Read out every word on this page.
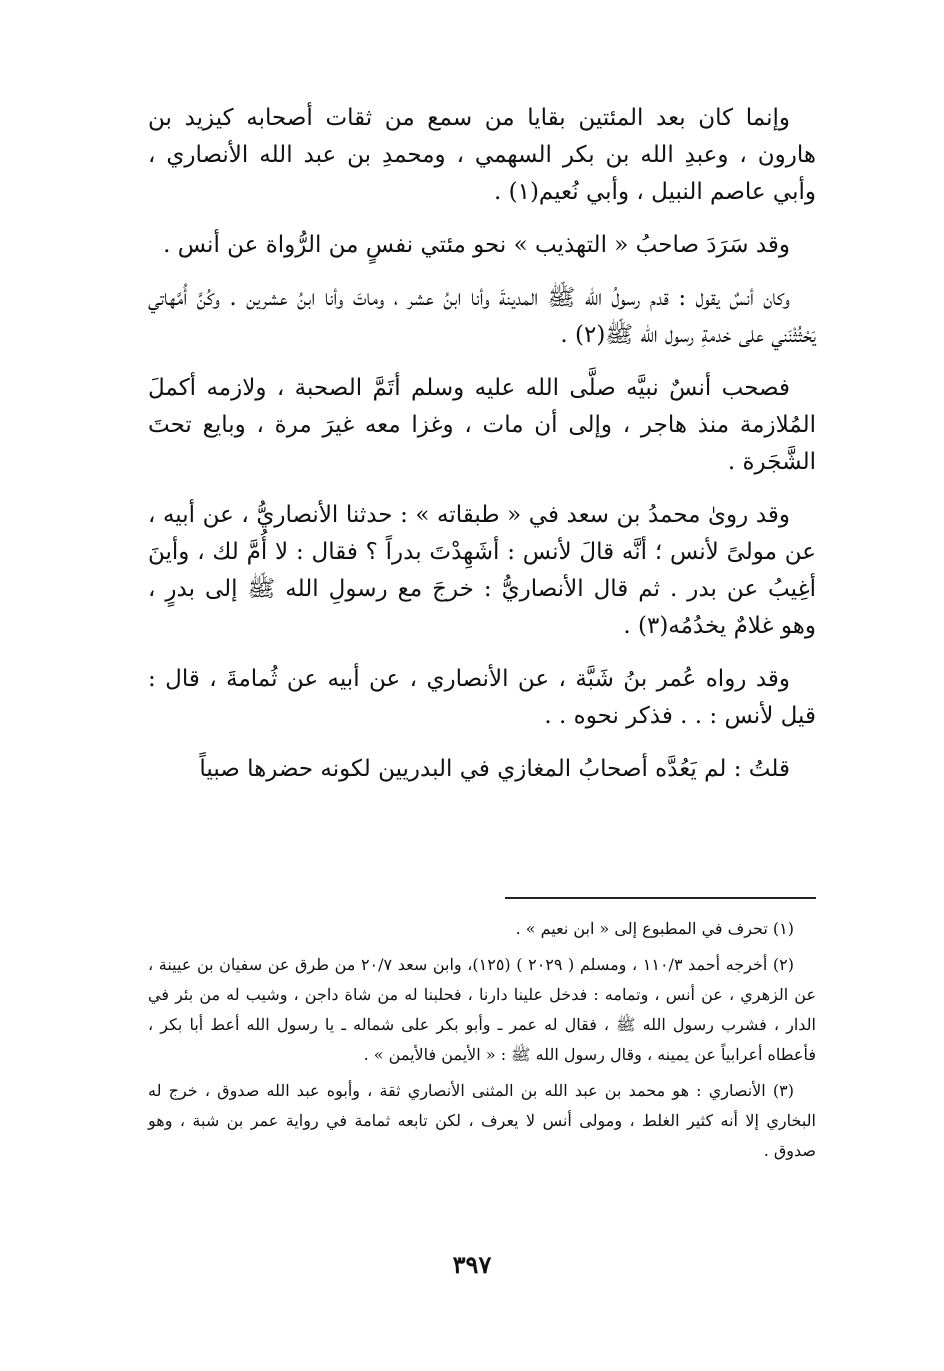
وإنما كان بعد المئتين بقايا من سمع من ثقات أصحابه كيزيد بن هارون ، وعبدِ الله بن بكر السهمي ، ومحمدِ بن عبد الله الأنصاري ، وأبي عاصم النبيل ، وأبي نُعيم(١) .

وقد سَرَدَ صاحبُ « التهذيب » نحو مئتي نفسٍ من الرُّواة عن أنس .

وكان أنسٌ يقول : قدم رسولُ الله ﷺ المدينةَ وأنا ابنُ عشر ، وماتَ وأنا ابنُ عشرين . وكُنَّ أُمَّهاتي يَحْثُثْنَني على خدمةِ رسول الله ﷺ(٢) .

فصحب أنسٌ نبيَّه صلَّى الله عليه وسلم أتَمَّ الصحبة ، ولازمه أكملَ المُلازمة منذ هاجر ، وإلى أن مات ، وغزا معه غيرَ مرة ، وبايع تحتَ الشَّجَرة .

وقد روىٰ محمدُ بن سعد في « طبقاته » : حدثنا الأنصاريُّ ، عن أبيه ، عن مولىً لأنس ؛ أنَّه قالَ لأنس : أشَهِدْتَ بدراً ؟ فقال : لا أُمَّ لك ، وأينَ أغِيبُ عن بدر . ثم قال الأنصاريُّ : خرجَ مع رسولِ الله ﷺ إلى بدرٍ ، وهو غلامٌ يخدُمُه(٣) .

وقد رواه عُمر بنُ شَبَّة ، عن الأنصاري ، عن أبيه عن ثُمامةَ ، قال : قيل لأنس : . . فذكر نحوه . .

قلتُ : لم يَعُدَّه أصحابُ المغازي في البدريين لكونه حضرها صبياً

(١) تحرف في المطبوع إلى « ابن نعيم » .

(٢) أخرجه أحمد ١١٠/٣ ، ومسلم ( ٢٠٢٩ ) (١٢٥)، وابن سعد ٢٠/٧ من طرق عن سفيان بن عيينة ، عن الزهري ، عن أنس ، وتمامه : فدخل علينا دارنا ، فحلبنا له من شاة داجن ، وشيب له من بئر في الدار ، فشرب رسول الله ﷺ ، فقال له عمر ـ وأبو بكر على شماله ـ يا رسول الله أعط أبا بكر ، فأعطاه أعرابياً عن يمينه ، وقال رسول الله ﷺ : « الأيمن فالأيمن » .

(٣) الأنصاري : هو محمد بن عبد الله بن المثنى الأنصاري ثقة ، وأبوه عبد الله صدوق ، خرج له البخاري إلا أنه كثير الغلط ، ومولى أنس لا يعرف ، لكن تابعه ثمامة في رواية عمر بن شبة ، وهو صدوق .

٣٩٧
